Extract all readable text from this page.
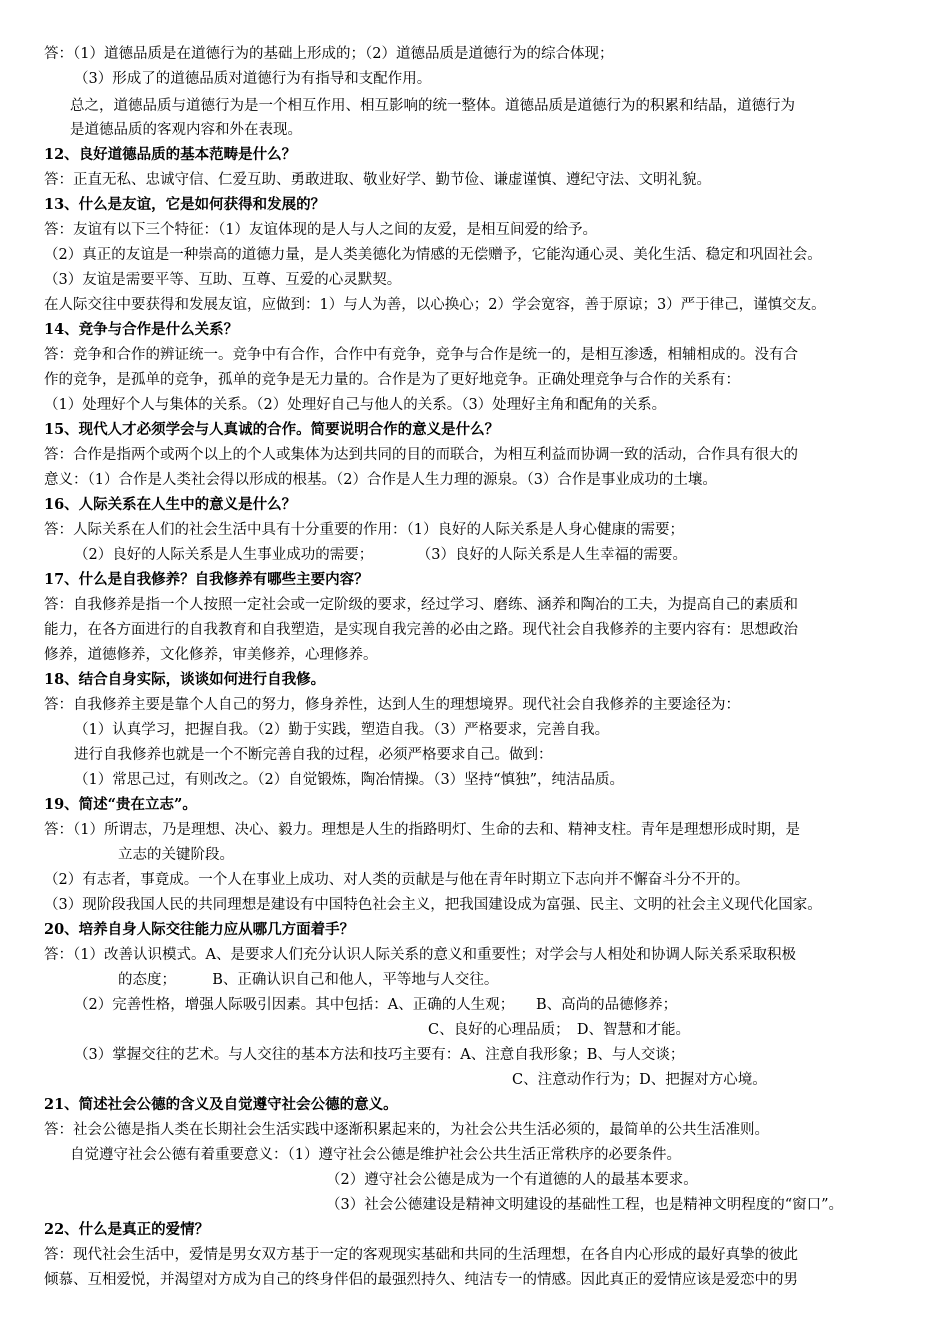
答：（1）道德品质是在道德行为的基础上形成的；（2）道德品质是道德行为的综合体现；
（3）形成了的道德品质对道德行为有指导和支配作用。
总之，道德品质与道德行为是一个相互作用、相互影响的统一整体。道德品质是道德行为的积累和结晶，道德行为
是道德品质的客观内容和外在表现。
12、良好道德品质的基本范畴是什么？
答：正直无私、忠诚守信、仁爱互助、勇敢进取、敬业好学、勤节俭、谦虚谨慎、遵纪守法、文明礼貌。
13、什么是友谊，它是如何获得和发展的？
答：友谊有以下三个特征：（1）友谊体现的是人与人之间的友爱，是相互间爱的给予。
（2）真正的友谊是一种崇高的道德力量，是人类美德化为情感的无偿赠予，它能沟通心灵、美化生活、稳定和巩固社会。
（3）友谊是需要平等、互助、互尊、互爱的心灵默契。
在人际交往中要获得和发展友谊，应做到：1）与人为善，以心换心；2）学会宽容，善于原谅；3）严于律己，谨慎交友。
14、竞争与合作是什么关系？
答：竞争和合作的辨证统一。竞争中有合作，合作中有竞争，竞争与合作是统一的，是相互渗透，相辅相成的。没有合
作的竞争，是孤单的竞争，孤单的竞争是无力量的。合作是为了更好地竞争。正确处理竞争与合作的关系有：
（1）处理好个人与集体的关系。（2）处理好自己与他人的关系。（3）处理好主角和配角的关系。
15、现代人才必须学会与人真诚的合作。简要说明合作的意义是什么？
答：合作是指两个或两个以上的个人或集体为达到共同的目的而联合，为相互利益而协调一致的活动，合作具有很大的
意义：（1）合作是人类社会得以形成的根基。（2）合作是人生力理的源泉。（3）合作是事业成功的土壤。
16、人际关系在人生中的意义是什么？
答：人际关系在人们的社会生活中具有十分重要的作用：（1）良好的人际关系是人身心健康的需要；
（2）良好的人际关系是人生事业成功的需要；　　　　（3）良好的人际关系是人生幸福的需要。
17、什么是自我修养？自我修养有哪些主要内容？
答：自我修养是指一个人按照一定社会或一定阶级的要求，经过学习、磨练、涵养和陶冶的工夫，为提高自己的素质和
能力，在各方面进行的自我教育和自我塑造，是实现自我完善的必由之路。现代社会自我修养的主要内容有：思想政治
修养，道德修养，文化修养，审美修养，心理修养。
18、结合自身实际，谈谈如何进行自我修。
答：自我修养主要是靠个人自己的努力，修身养性，达到人生的理想境界。现代社会自我修养的主要途径为：
（1）认真学习，把握自我。（2）勤于实践，塑造自我。（3）严格要求，完善自我。
进行自我修养也就是一个不断完善自我的过程，必须严格要求自己。做到：
（1）常思己过，有则改之。（2）自觉锻炼，陶冶情操。（3）坚持“慎独”，纯洁品质。
19、简述“贵在立志”。
答：（1）所谓志，乃是理想、决心、毅力。理想是人生的指路明灯、生命的去和、精神支柱。青年是理想形成时期，是
立志的关键阶段。
（2）有志者，事竟成。一个人在事业上成功、对人类的贡献是与他在青年时期立下志向并不懈奋斗分不开的。
（3）现阶段我国人民的共同理想是建设有中国特色社会主义，把我国建设成为富强、民主、文明的社会主义现代化国家。
20、培养自身人际交往能力应从哪几方面着手？
答：（1）改善认识模式。A、是要求人们充分认识人际关系的意义和重要性；对学会与人相处和协调人际关系采取积极
的态度；　　　B、正确认识自己和他人，平等地与人交往。
（2）完善性格，增强人际吸引因素。其中包括：A、正确的人生观；　　B、高尚的品德修养；
C、良好的心理品质；　D、智慧和才能。
（3）掌握交往的艺术。与人交往的基本方法和技巧主要有：A、注意自我形象；B、与人交谈；
C、注意动作行为；D、把握对方心境。
21、简述社会公德的含义及自觉遵守社会公德的意义。
答：社会公德是指人类在长期社会生活实践中逐渐积累起来的，为社会公共生活必须的，最简单的公共生活准则。
自觉遵守社会公德有着重要意义：（1）遵守社会公德是维护社会公共生活正常秩序的必要条件。
（2）遵守社会公德是成为一个有道德的人的最基本要求。
（3）社会公德建设是精神文明建设的基础性工程，也是精神文明程度的“窗口”。
22、什么是真正的爱情？
答：现代社会生活中，爱情是男女双方基于一定的客观现实基础和共同的生活理想，在各自内心形成的最好真挚的彼此
倾慕、互相爱悦，并渴望对方成为自己的终身伴侣的最强烈持久、纯洁专一的情感。因此真正的爱情应该是爱恋中的男
